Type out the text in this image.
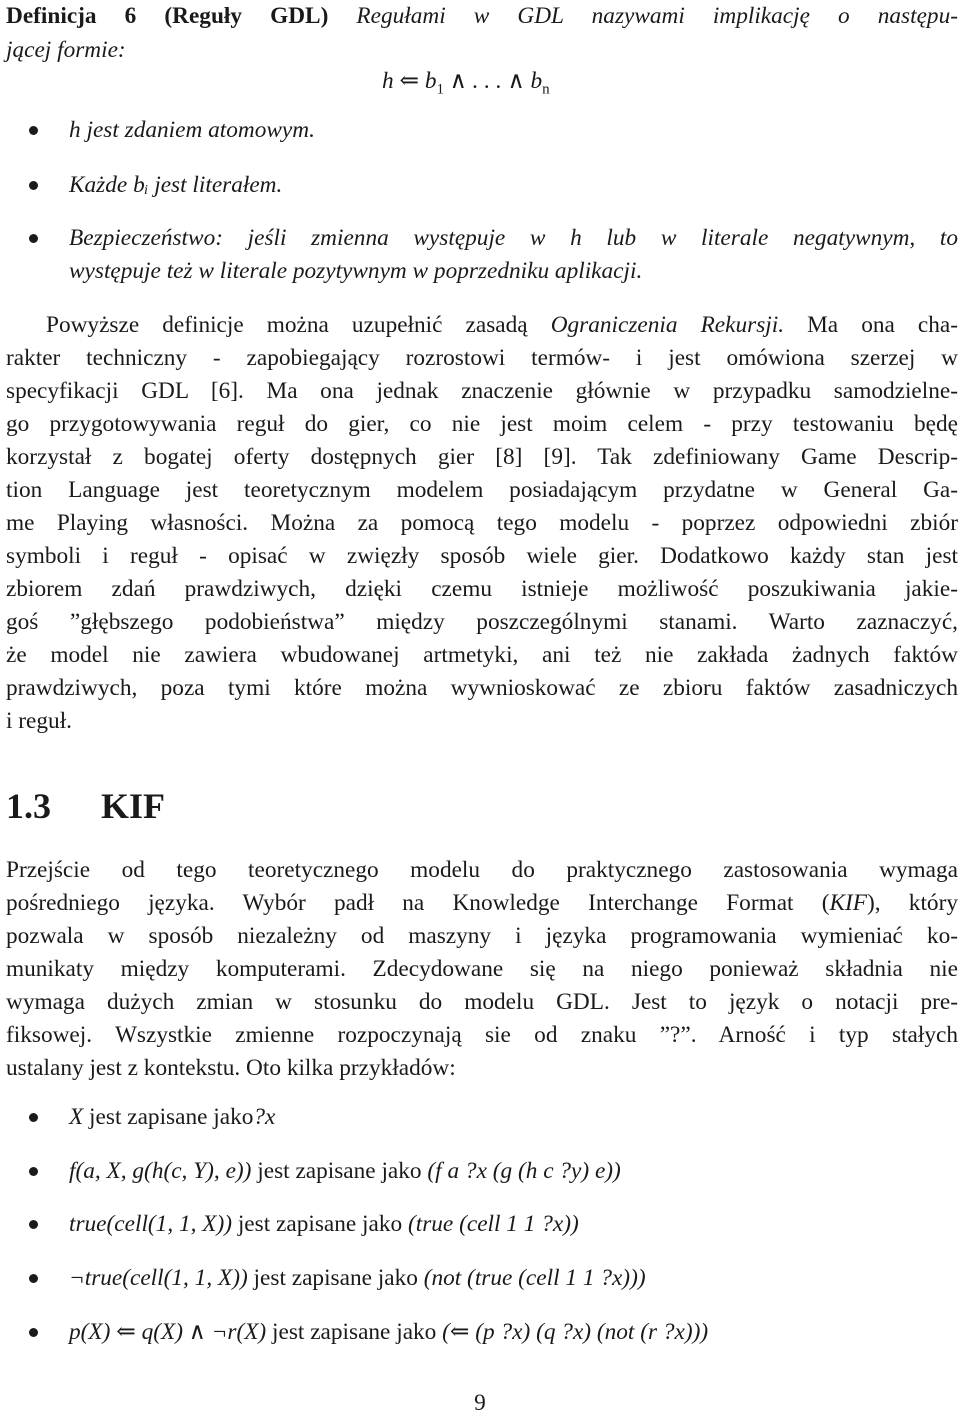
Definicja 6 (Reguły GDL) Regułami w GDL nazywami implikację o następu-
jącej formie:
h ⇐ $b_1$ ∧ . . . ∧ $b_n$
h jest zdaniem atomowym.
Każde bᵢ jest literałem.
Bezpieczeństwo: jeśli zmienna występuje w h lub w literale negatywnym, to
występuje też w literale pozytywnym w poprzedniku aplikacji.
Powyższe definicje można uzupełnić zasadą Ograniczenia Rekursji. Ma ona cha-
rakter techniczny - zapobiegający rozrostowi termów- i jest omówiona szerzej w
specyfikacji GDL [6]. Ma ona jednak znaczenie głównie w przypadku samodzielne-
go przygotowywania reguł do gier, co nie jest moim celem - przy testowaniu będę
korzystał z bogatej oferty dostępnych gier [8] [9]. Tak zdefiniowany Game Descrip-
tion Language jest teoretycznym modelem posiadającym przydatne w General Ga-
me Playing własności. Można za pomocą tego modelu - poprzez odpowiedni zbiór
symboli i reguł - opisać w zwięzły sposób wiele gier. Dodatkowo każdy stan jest
zbiorem zdań prawdziwych, dzięki czemu istnieje możliwość poszukiwania jakie-
goś ”głębszego podobieństwa” między poszczególnymi stanami. Warto zaznaczyć,
że model nie zawiera wbudowanej artmetyki, ani też nie zakłada żadnych faktów
prawdziwych, poza tymi które można wywnioskować ze zbioru faktów zasadniczych
i reguł.
1.3 KIF
Przejście od tego teoretycznego modelu do praktycznego zastosowania wymaga
pośredniego języka. Wybór padł na Knowledge Interchange Format (KIF), który
pozwala w sposób niezależny od maszyny i języka programowania wymieniać ko-
munikaty między komputerami. Zdecydowane się na niego ponieważ składnia nie
wymaga dużych zmian w stosunku do modelu GDL. Jest to język o notacji pre-
fiksowej. Wszystkie zmienne rozpoczynają sie od znaku ”?”. Arność i typ stałych
ustalany jest z kontekstu. Oto kilka przykładów:
X jest zapisane jako?x
f(a, X, g(h(c, Y), e)) jest zapisane jako (f a ?x (g (h c ?y) e))
true(cell(1, 1, X)) jest zapisane jako (true (cell 1 1 ?x))
¬true(cell(1, 1, X)) jest zapisane jako (not (true (cell 1 1 ?x)))
p(X) ⇐ q(X) ∧ ¬r(X) jest zapisane jako (⇐ (p ?x) (q ?x) (not (r ?x)))
9
